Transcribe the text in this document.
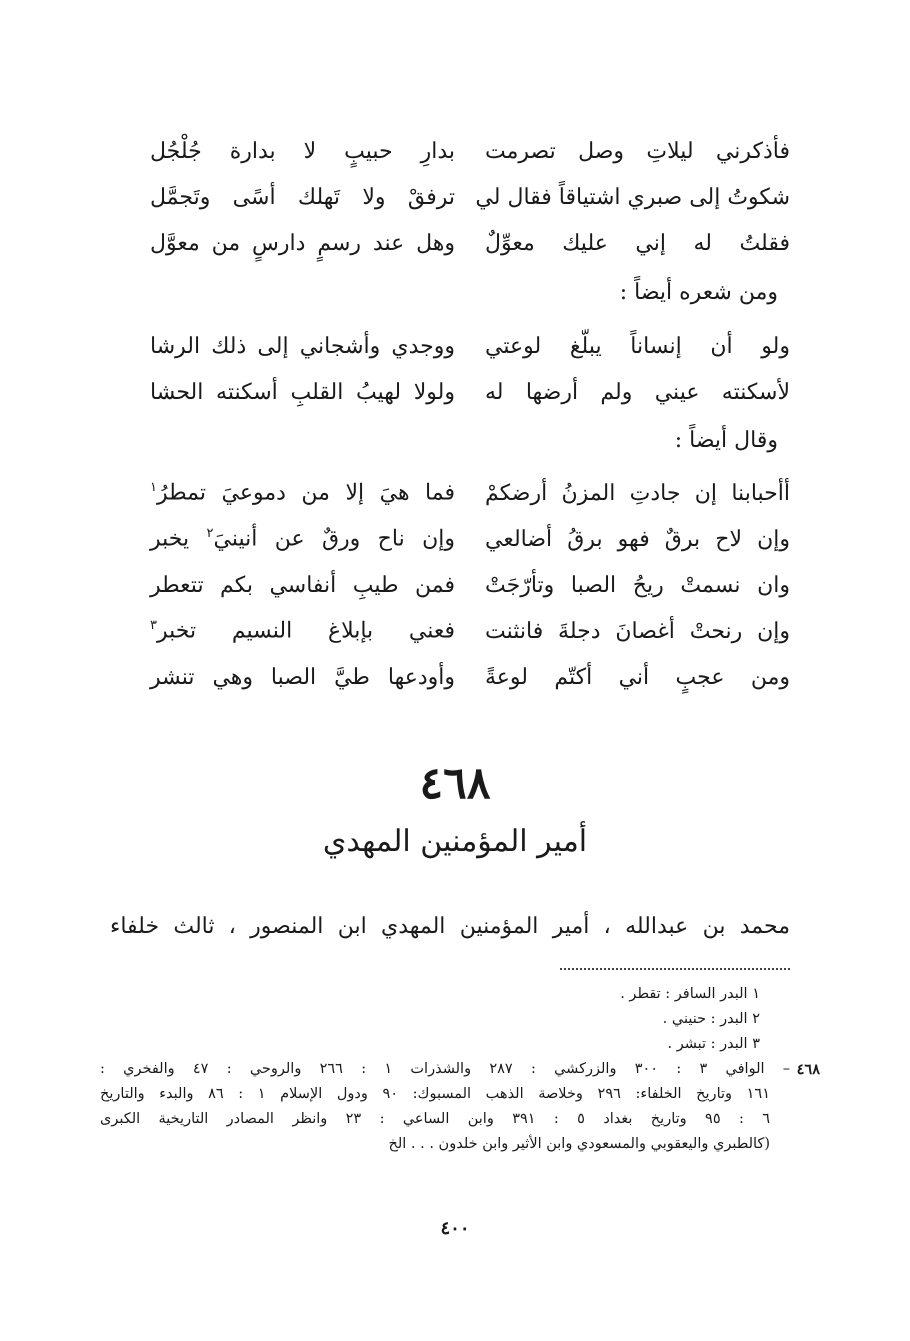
فأذكرني ليلاتِ وصل تصرمت
بدارِ حبيبٍ لا بدارة جُلْجُل
شكوتُ إلى صبري اشتياقاً فقال لي
ترفقْ ولا تَهلك أسًى وتَجمَّل
فقلتُ له إني عليك معوِّلٌ
وهل عند رسمٍ دارسٍ من معوَّل
ومن شعره أيضاً :
ولو أن إنساناً يبلّغ لوعتي
ووجدي وأشجاني إلى ذلك الرشا
لأسكنته عيني ولم أرضها له
ولولا لهيبُ القلبِ أسكنته الحشا
وقال أيضاً :
أأحبابنا إن جادتِ المزنُ أرضكمْ
فما هيَ إلا من دموعيَ تمطرُ$^١$
وإن لاح برقٌ فهو برقُ أضالعي
وإن ناح ورقٌ عن أنينيَ$^٢$ يخبر
وان نسمتْ ريحُ الصبا وتأرّجَتْ
فمن طيبِ أنفاسي بكم تتعطر
وإن رنحتْ أغصانَ دجلةَ فانثنت
فعني بإبلاغ النسيم تخبر$^٣$
ومن عجبٍ أني أكتّم لوعةً
وأودعها طيَّ الصبا وهي تنشر
٤٦٨
أمير المؤمنين المهدي
محمد بن عبدالله ، أمير المؤمنين المهدي ابن المنصور ، ثالث خلفاء
١ البدر السافر : تقطر .
٢ البدر : حنيني .
٣ البدر : تبشر .
٤٦٨
– الوافي ٣ : ٣٠٠ والزركشي : ٢٨٧ والشذرات ١ : ٢٦٦ والروحي : ٤٧ والفخري :
١٦١ وتاريخ الخلفاء: ٢٩٦ وخلاصة الذهب المسبوك: ٩٠ ودول الإسلام ١ : ٨٦ والبدء والتاريخ
٦ : ٩٥ وتاريخ بغداد ٥ : ٣٩١ وابن الساعي : ٢٣ وانظر المصادر التاريخية الكبرى
(كالطبري واليعقوبي والمسعودي وابن الأثير وابن خلدون . . . الخ
٤٠٠
